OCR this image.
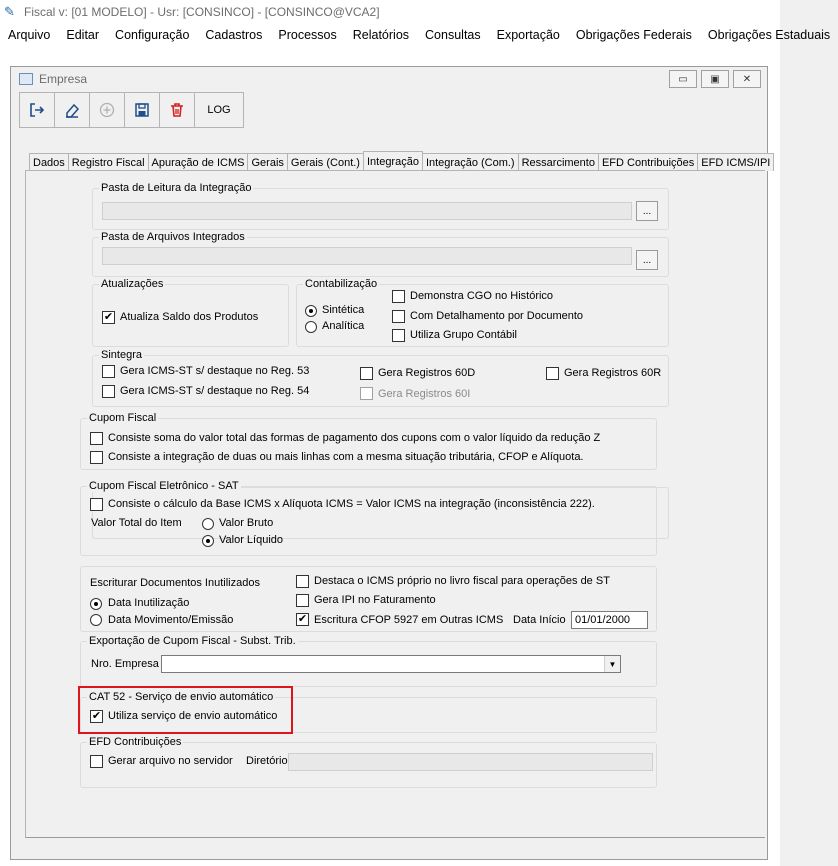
✎ Fiscal v: [01 MODELO] - Usr: [CONSINCO] - [CONSINCO@VCA2]
Arquivo	Editar	Configuração	Cadastros	Processos	Relatórios	Consultas	Exportação	Obrigações Federais	Obrigações Estaduais
Empresa	▭	▣	✕
LOG
Dados Registro Fiscal Apuração de ICMS Gerais Gerais (Cont.) Integração Integração (Com.) Ressarcimento EFD Contribuições EFD ICMS/IPI
Pasta de Leitura da Integração
...
Pasta de Arquivos Integrados
...
Atualizações
✔ Atualiza Saldo dos Produtos
Contabilização
Sintética
Analítica
Demonstra CGO no Histórico
Com Detalhamento por Documento
Utiliza Grupo Contábil
Sintegra
Gera ICMS-ST s/ destaque no Reg. 53
Gera ICMS-ST s/ destaque no Reg. 54
Gera Registros 60D
Gera Registros 60I
Gera Registros 60R
Cupom Fiscal
Consiste soma do valor total das formas de pagamento dos cupons com o valor líquido da redução Z
Consiste a integração de duas ou mais linhas com a mesma situação tributária, CFOP e Alíquota.
Cupom Fiscal Eletrônico - SAT
Consiste o cálculo da Base ICMS x Alíquota ICMS = Valor ICMS na integração (inconsistência 222).
Valor Total do Item	Valor Bruto
Valor Líquido
Escriturar Documentos Inutilizados
Data Inutilização
Data Movimento/Emissão
Destaca o ICMS próprio no livro fiscal para operações de ST
Gera IPI no Faturamento
✔ Escritura CFOP 5927 em Outras ICMS Data Início 01/01/2000
Exportação de Cupom Fiscal - Subst. Trib.
Nro. Empresa	▼
CAT 52 - Serviço de envio automático
✔ Utiliza serviço de envio automático
EFD Contribuições
Gerar arquivo no servidor Diretório
